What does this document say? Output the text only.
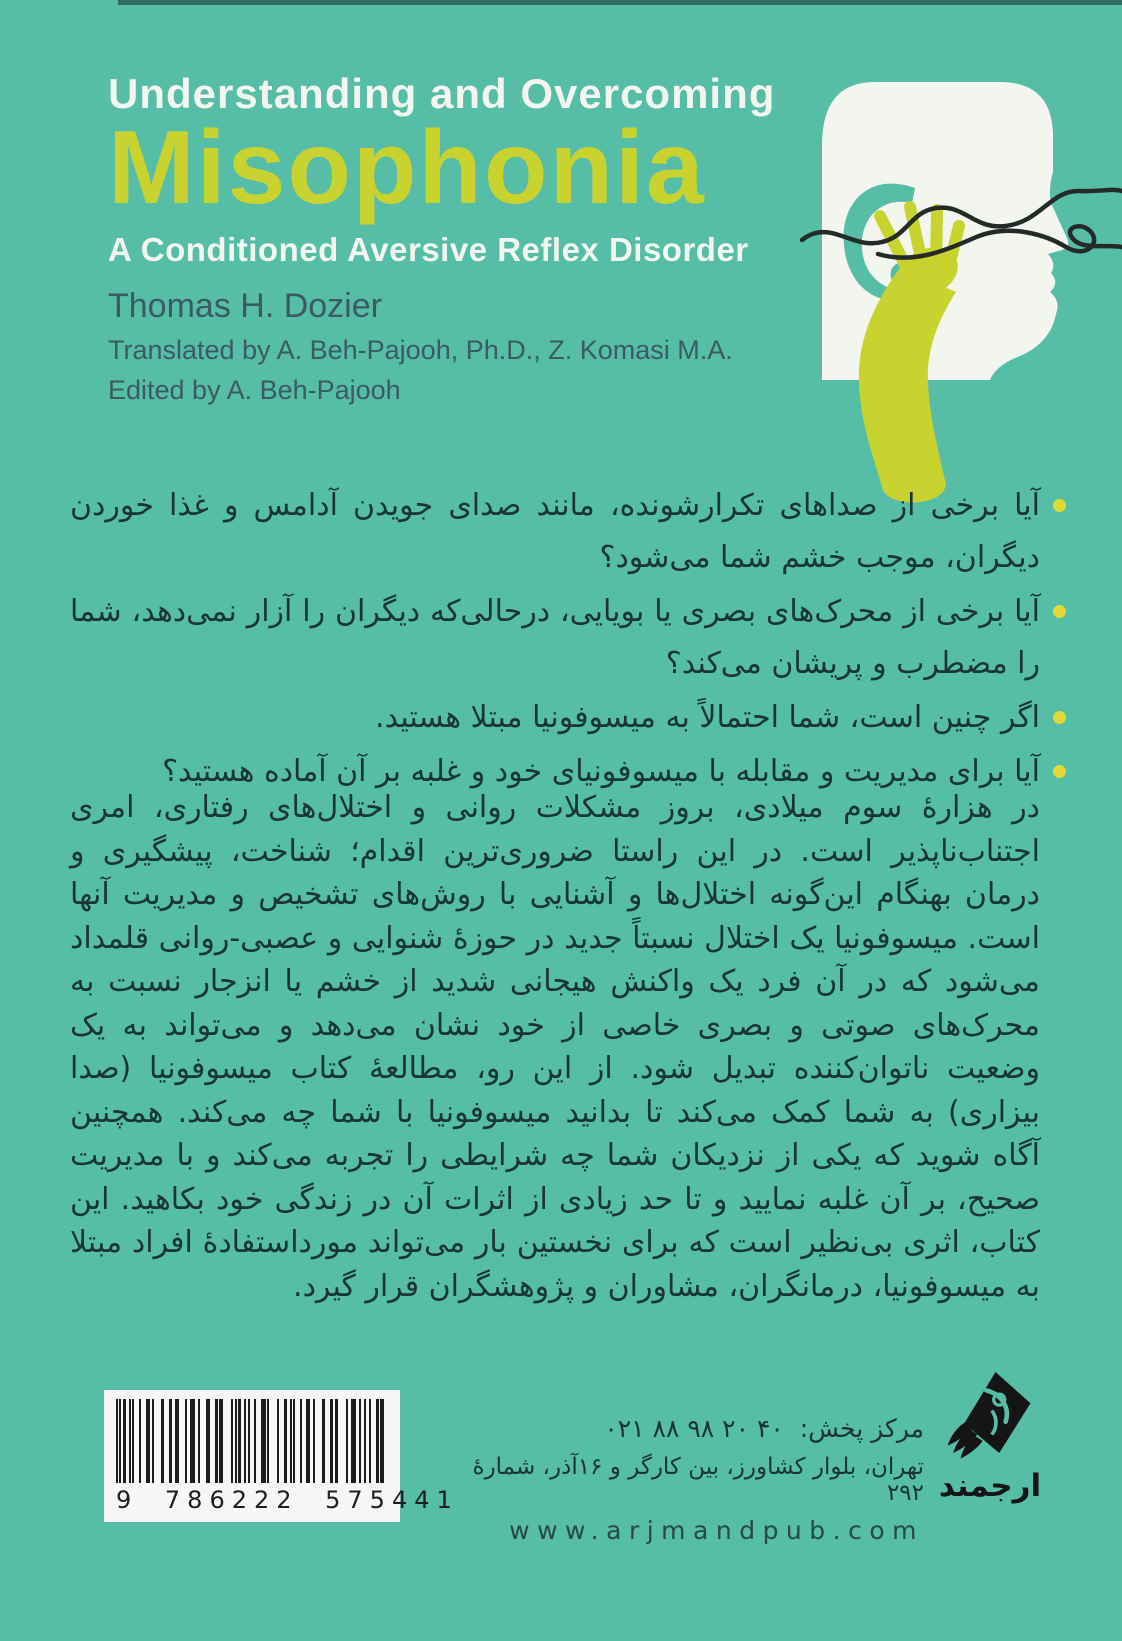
Understanding and Overcoming
Misophonia
A Conditioned Aversive Reflex Disorder
Thomas H. Dozier
Translated by A. Beh-Pajooh, Ph.D., Z. Komasi M.A.
Edited by A. Beh-Pajooh
آیا برخی از صداهای تکرارشونده، مانند صدای جویدن آدامس و غذا خوردن دیگران، موجب خشم شما می‌شود؟
آیا برخی از محرک‌های بصری یا بویایی، درحالی‌که دیگران را آزار نمی‌دهد، شما را مضطرب و پریشان می‌کند؟
اگر چنین است، شما احتمالاً به میسوفونیا مبتلا هستید.
آیا برای مدیریت و مقابله با میسوفونیای خود و غلبه بر آن آماده هستید؟

در هزارهٔ سوم میلادی، بروز مشکلات روانی و اختلال‌های رفتاری، امری اجتناب‌ناپذیر است. در این راستا ضروری‌ترین اقدام؛ شناخت، پیشگیری و درمان بهنگام این‌گونه اختلال‌ها و آشنایی با روش‌های تشخیص و مدیریت آنها است. میسوفونیا یک اختلال نسبتاً جدید در حوزهٔ شنوایی و عصبی-روانی قلمداد می‌شود که در آن فرد یک واکنش هیجانی شدید از خشم یا انزجار نسبت به محرک‌های صوتی و بصری خاصی از خود نشان می‌دهد و می‌تواند به یک وضعیت ناتوان‌کننده تبدیل شود. از این رو، مطالعهٔ کتاب میسوفونیا (صدا بیزاری) به شما کمک می‌کند تا بدانید میسوفونیا با شما چه می‌کند. همچنین آگاه شوید که یکی از نزدیکان شما چه شرایطی را تجربه می‌کند و با مدیریت صحیح، بر آن غلبه نمایید و تا حد زیادی از اثرات آن در زندگی خود بکاهید. این کتاب، اثری بی‌نظیر است که برای نخستین بار می‌تواند مورداستفادهٔ افراد مبتلا به میسوفونیا، درمانگران، مشاوران و پژوهشگران قرار گیرد.

9 786222 575441
مرکز پخش: ۰۲۱ ۸۸ ۹۸ ۲۰ ۴۰
تهران، بلوار کشاورز، بین کارگر و ۱۶آذر، شمارهٔ ۲۹۲
www.arjmandpub.com
ارجمند
